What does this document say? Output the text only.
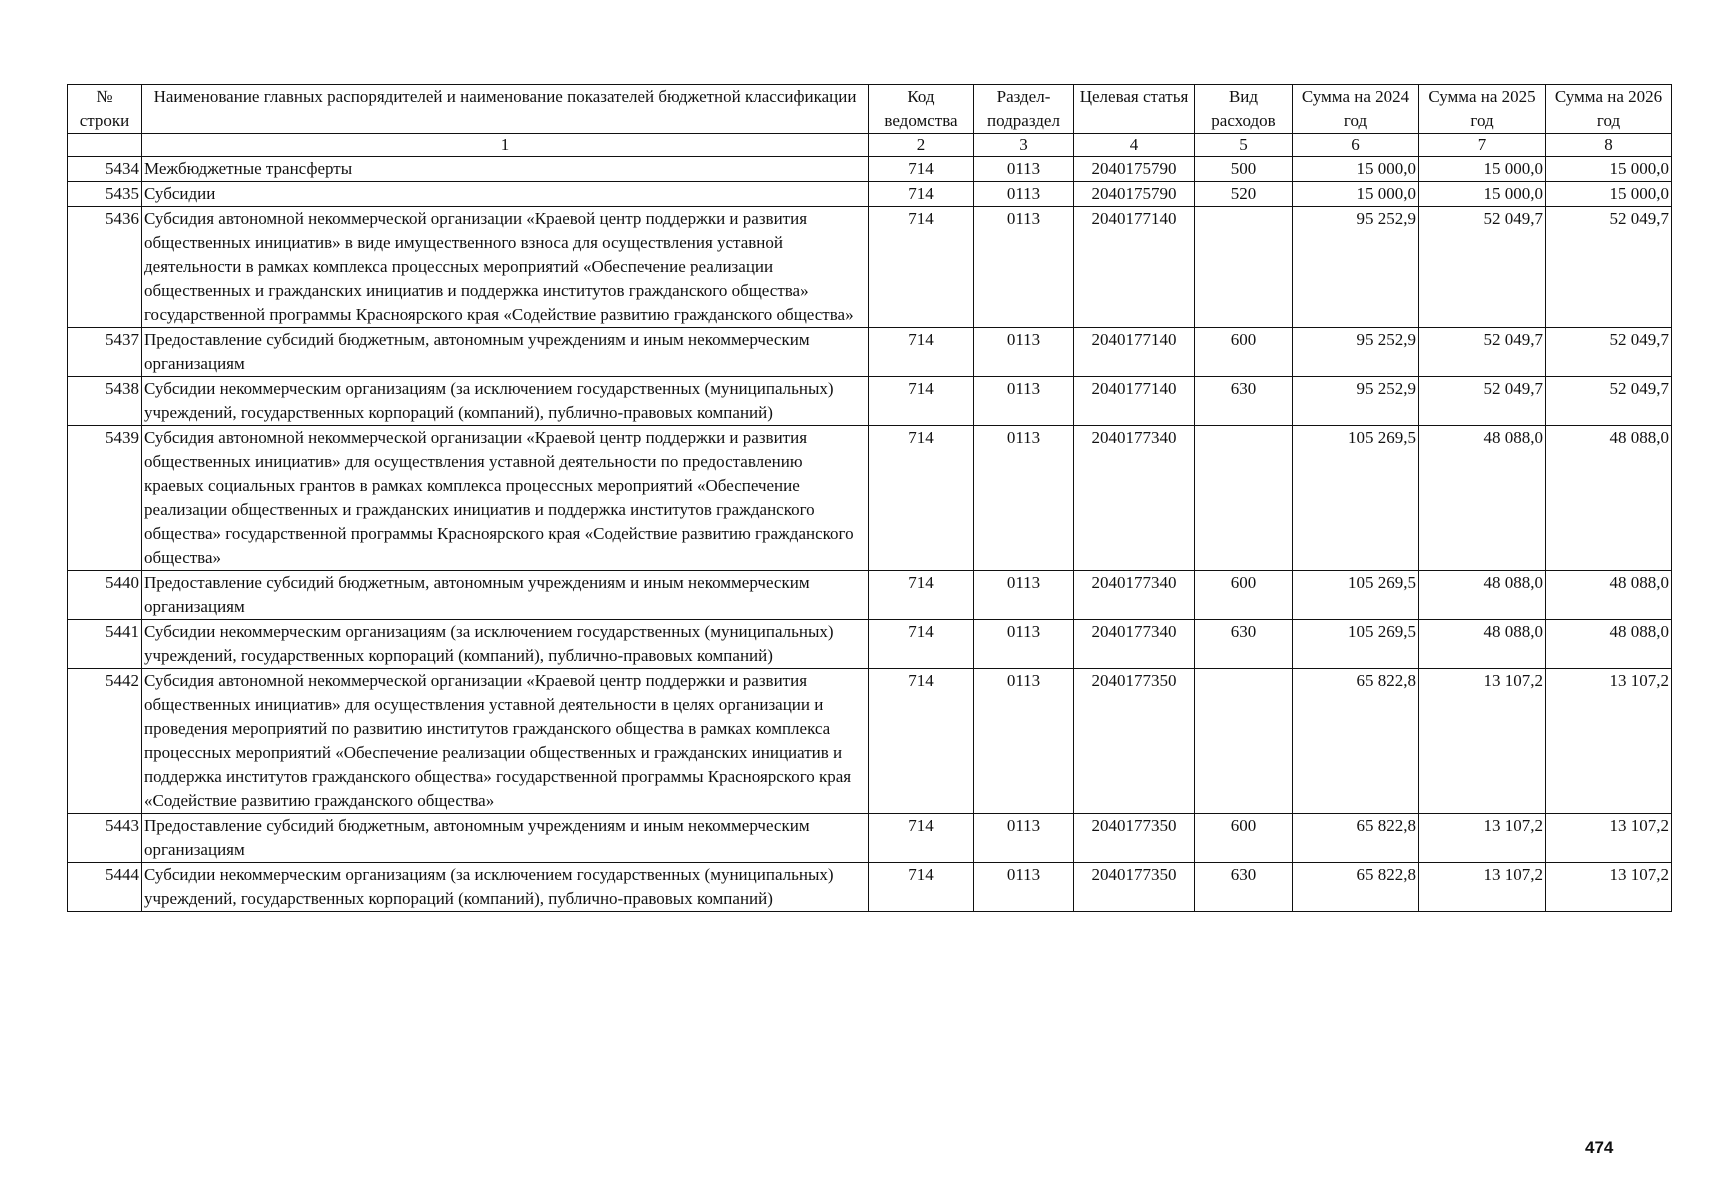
№ строки	Наименование главных распорядителей и наименование показателей бюджетной классификации	Код ведомства	Раздел-подраздел	Целевая статья	Вид расходов	Сумма на 2024 год	Сумма на 2025 год	Сумма на 2026 год
	1	2	3	4	5	6	7	8
5434	Межбюджетные трансферты	714	0113	2040175790	500	15 000,0	15 000,0	15 000,0
5435	Субсидии	714	0113	2040175790	520	15 000,0	15 000,0	15 000,0
5436	Субсидия автономной некоммерческой организации «Краевой центр поддержки и развития общественных инициатив» в виде имущественного взноса для осуществления уставной деятельности в рамках комплекса процессных мероприятий «Обеспечение реализации общественных и гражданских инициатив и поддержка институтов гражданского общества» государственной программы Красноярского края «Содействие развитию гражданского общества»	714	0113	2040177140		95 252,9	52 049,7	52 049,7
5437	Предоставление субсидий бюджетным, автономным учреждениям и иным некоммерческим организациям	714	0113	2040177140	600	95 252,9	52 049,7	52 049,7
5438	Субсидии некоммерческим организациям (за исключением государственных (муниципальных) учреждений, государственных корпораций (компаний), публично-правовых компаний)	714	0113	2040177140	630	95 252,9	52 049,7	52 049,7
5439	Субсидия автономной некоммерческой организации «Краевой центр поддержки и развития общественных инициатив» для осуществления уставной деятельности по предоставлению краевых социальных грантов в рамках комплекса процессных мероприятий «Обеспечение реализации общественных и гражданских инициатив и поддержка институтов гражданского общества» государственной программы Красноярского края «Содействие развитию гражданского общества»	714	0113	2040177340		105 269,5	48 088,0	48 088,0
5440	Предоставление субсидий бюджетным, автономным учреждениям и иным некоммерческим организациям	714	0113	2040177340	600	105 269,5	48 088,0	48 088,0
5441	Субсидии некоммерческим организациям (за исключением государственных (муниципальных) учреждений, государственных корпораций (компаний), публично-правовых компаний)	714	0113	2040177340	630	105 269,5	48 088,0	48 088,0
5442	Субсидия автономной некоммерческой организации «Краевой центр поддержки и развития общественных инициатив» для осуществления уставной деятельности в целях организации и проведения мероприятий по развитию институтов гражданского общества в рамках комплекса процессных мероприятий «Обеспечение реализации общественных и гражданских инициатив и поддержка институтов гражданского общества» государственной программы Красноярского края «Содействие развитию гражданского общества»	714	0113	2040177350		65 822,8	13 107,2	13 107,2
5443	Предоставление субсидий бюджетным, автономным учреждениям и иным некоммерческим организациям	714	0113	2040177350	600	65 822,8	13 107,2	13 107,2
5444	Субсидии некоммерческим организациям (за исключением государственных (муниципальных) учреждений, государственных корпораций (компаний), публично-правовых компаний)	714	0113	2040177350	630	65 822,8	13 107,2	13 107,2
474
